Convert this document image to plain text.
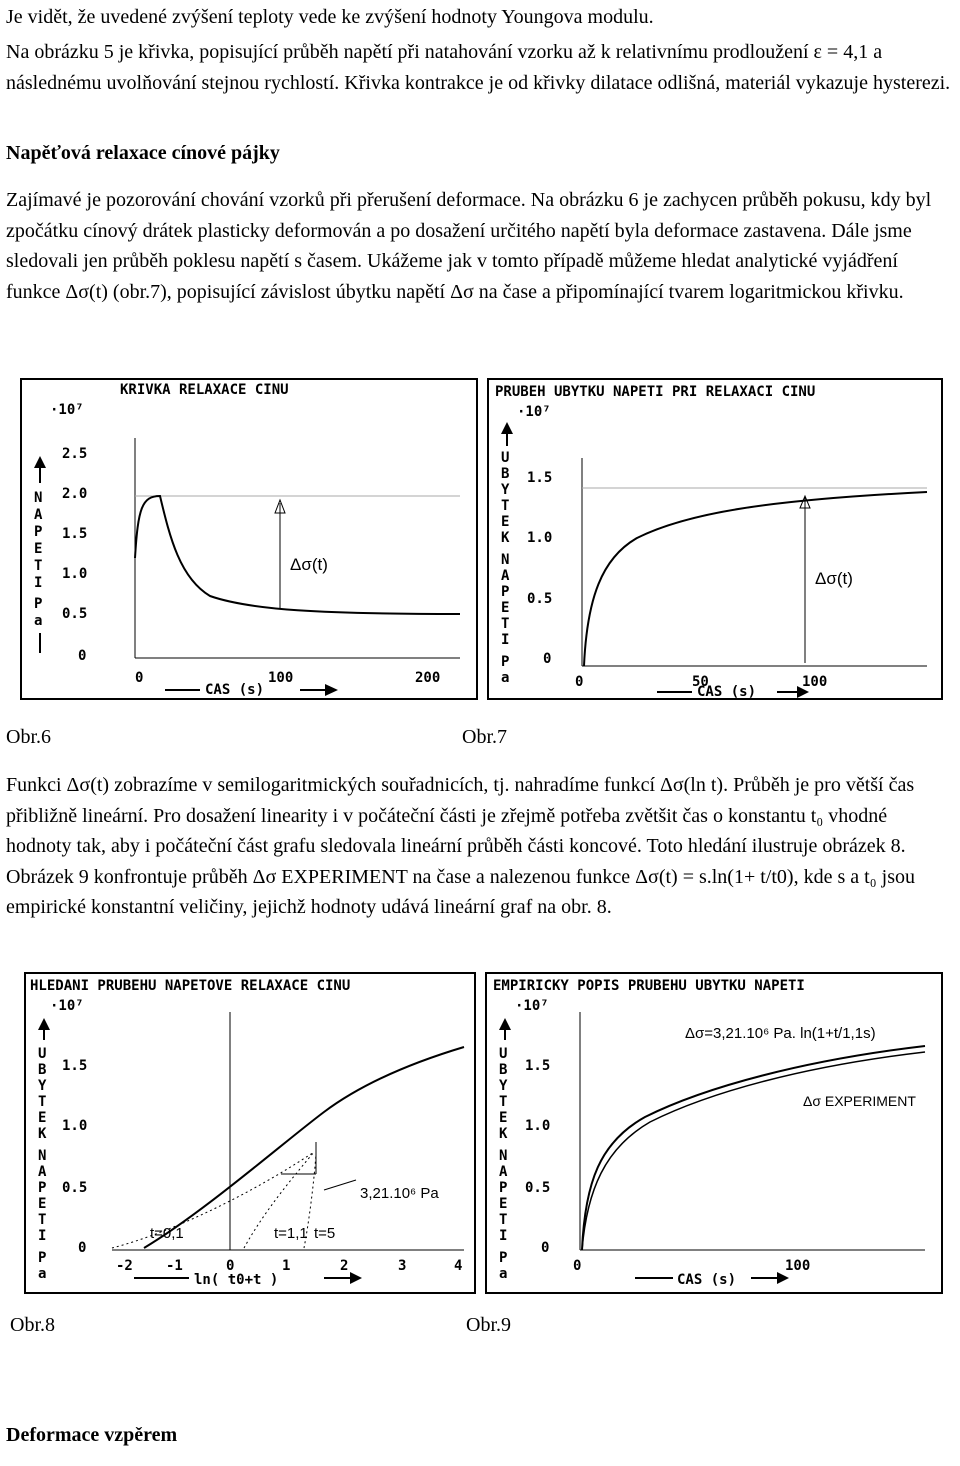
Je vidět, že uvedené zvýšení teploty vede ke zvýšení hodnoty Youngova modulu.

Na obrázku 5 je křivka, popisující průběh napětí při natahování vzorku až k relativnímu prodloužení ε = 4,1 a následnému uvolňování stejnou rychlostí. Křivka kontrakce je od křivky dilatace odlišná, materiál vykazuje hysterezi.

Napěťová relaxace cínové pájky

Zajímavé je pozorování chování vzorků při přerušení deformace. Na obrázku 6 je zachycen průběh pokusu, kdy byl zpočátku cínový drátek plasticky deformován a po dosažení určitého napětí byla deformace zastavena. Dále jsme sledovali jen průběh poklesu napětí s časem. Ukážeme jak v tomto případě můžeme hledat analytické vyjádření funkce Δσ(t) (obr.7), popisující závislost úbytku napětí Δσ na čase a připomínající tvarem logaritmickou křivku.

KRIVKA RELAXACE CINU
·10⁷
N A P E T I P a
2.5
2.0
1.5
1.0
0.5
0
Δσ(t)
0	100	200
CAS (s)
PRUBEH UBYTKU NAPETI PRI RELAXACI CINU
·10⁷
U B Y T E K N A P E T I P a
1.5
1.0
0.5
0
Δσ(t)
0	50	100
CAS (s)
Obr.6	Obr.7

Funkci Δσ(t) zobrazíme v semilogaritmických souřadnicích, tj. nahradíme funkcí Δσ(ln t). Průběh je pro větší čas přibližně lineární. Pro dosažení linearity i v počáteční části je zřejmě potřeba zvětšit čas o konstantu t₀ vhodné hodnoty tak, aby i počáteční část grafu sledovala lineární průběh části koncové. Toto hledání ilustruje obrázek 8. Obrázek 9 konfrontuje průběh Δσ EXPERIMENT na čase a nalezenou funkce Δσ(t) = s.ln(1+ t/t0), kde s a t₀ jsou empirické konstantní veličiny, jejichž hodnoty udává lineární graf na obr. 8.

HLEDANI PRUBEHU NAPETOVE RELAXACE CINU
·10⁷
U B Y T E K N A P E T I P a
1.5
1.0
0.5
0
3,21.10⁶ Pa
t=0,1	t=1,1 t=5
-2 -1	0	1	2	3	4
ln( t0+t )
EMPIRICKY POPIS PRUBEHU UBYTKU NAPETI
·10⁷
U B Y T E K N A P E T I P a
1.5
1.0
0.5
0
Δσ=3,21.10⁶ Pa. ln(1+t/1,1s)
Δσ EXPERIMENT
0	100
CAS (s)
Obr.8	Obr.9
Deformace vzpěrem
